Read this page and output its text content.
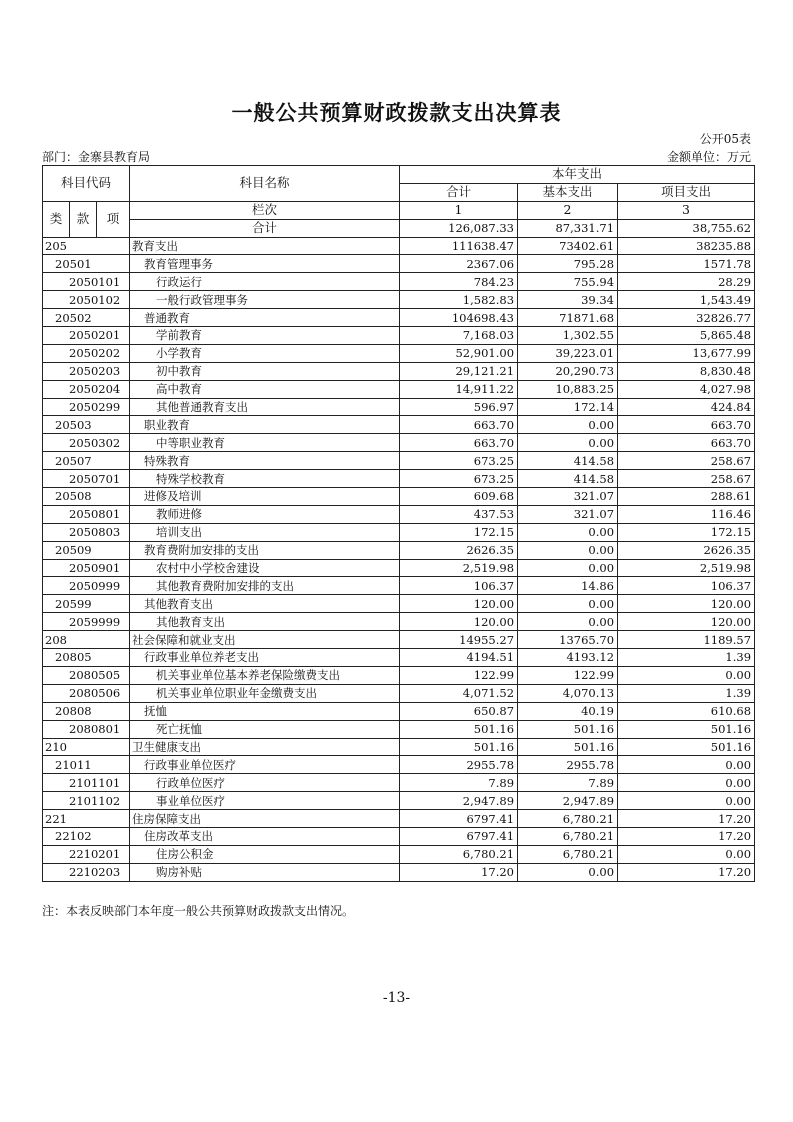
一般公共预算财政拨款支出决算表
公开05表
部门：金寨县教育局	金额单位：万元
科目代码			科目名称	本年支出		
				合计	基本支出	项目支出
类	款	项	栏次	1	2	3
			合计	126,087.33	87,331.71	38,755.62
205			教育支出	111638.47	73402.61	38235.88
20501			教育管理事务	2367.06	795.28	1571.78
2050101			行政运行	784.23	755.94	28.29
2050102			一般行政管理事务	1,582.83	39.34	1,543.49
20502			普通教育	104698.43	71871.68	32826.77
2050201			学前教育	7,168.03	1,302.55	5,865.48
2050202			小学教育	52,901.00	39,223.01	13,677.99
2050203			初中教育	29,121.21	20,290.73	8,830.48
2050204			高中教育	14,911.22	10,883.25	4,027.98
2050299			其他普通教育支出	596.97	172.14	424.84
20503			职业教育	663.70	0.00	663.70
2050302			中等职业教育	663.70	0.00	663.70
20507			特殊教育	673.25	414.58	258.67
2050701			特殊学校教育	673.25	414.58	258.67
20508			进修及培训	609.68	321.07	288.61
2050801			教师进修	437.53	321.07	116.46
2050803			培训支出	172.15	0.00	172.15
20509			教育费附加安排的支出	2626.35	0.00	2626.35
2050901			农村中小学校舍建设	2,519.98	0.00	2,519.98
2050999			其他教育费附加安排的支出	106.37	14.86	106.37
20599			其他教育支出	120.00	0.00	120.00
2059999			其他教育支出	120.00	0.00	120.00
208			社会保障和就业支出	14955.27	13765.70	1189.57
20805			行政事业单位养老支出	4194.51	4193.12	1.39
2080505			机关事业单位基本养老保险缴费支出	122.99	122.99	0.00
2080506			机关事业单位职业年金缴费支出	4,071.52	4,070.13	1.39
20808			抚恤	650.87	40.19	610.68
2080801			死亡抚恤	501.16	501.16	501.16
210			卫生健康支出	501.16	501.16	501.16
21011			行政事业单位医疗	2955.78	2955.78	0.00
2101101			行政单位医疗	7.89	7.89	0.00
2101102			事业单位医疗	2,947.89	2,947.89	0.00
221			住房保障支出	6797.41	6,780.21	17.20
22102			住房改革支出	6797.41	6,780.21	17.20
2210201			住房公积金	6,780.21	6,780.21	0.00
2210203			购房补贴	17.20	0.00	17.20
注：本表反映部门本年度一般公共预算财政拨款支出情况。
-13-
